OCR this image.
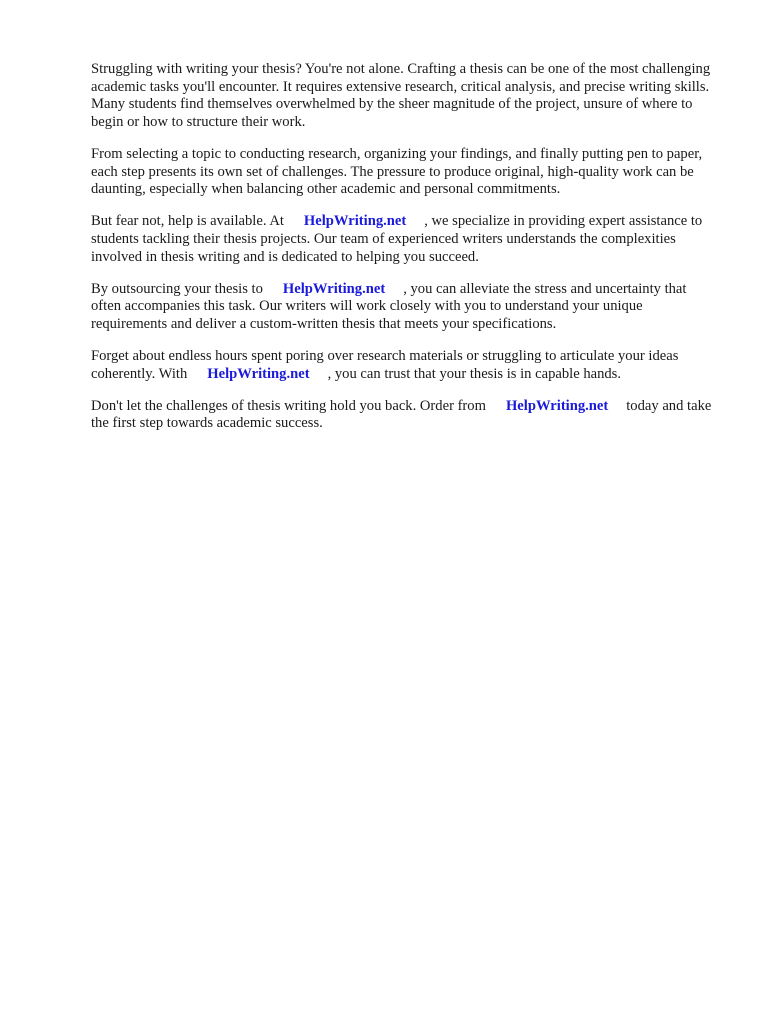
Struggling with writing your thesis? You're not alone. Crafting a thesis can be one of the most challenging academic tasks you'll encounter. It requires extensive research, critical analysis, and precise writing skills. Many students find themselves overwhelmed by the sheer magnitude of the project, unsure of where to begin or how to structure their work.

From selecting a topic to conducting research, organizing your findings, and finally putting pen to paper, each step presents its own set of challenges. The pressure to produce original, high-quality work can be daunting, especially when balancing other academic and personal commitments.

But fear not, help is available. At HelpWriting.net , we specialize in providing expert assistance to students tackling their thesis projects. Our team of experienced writers understands the complexities involved in thesis writing and is dedicated to helping you succeed.

By outsourcing your thesis to HelpWriting.net , you can alleviate the stress and uncertainty that often accompanies this task. Our writers will work closely with you to understand your unique requirements and deliver a custom-written thesis that meets your specifications.

Forget about endless hours spent poring over research materials or struggling to articulate your ideas coherently. With HelpWriting.net , you can trust that your thesis is in capable hands.

Don't let the challenges of thesis writing hold you back. Order from HelpWriting.net today and take the first step towards academic success.
